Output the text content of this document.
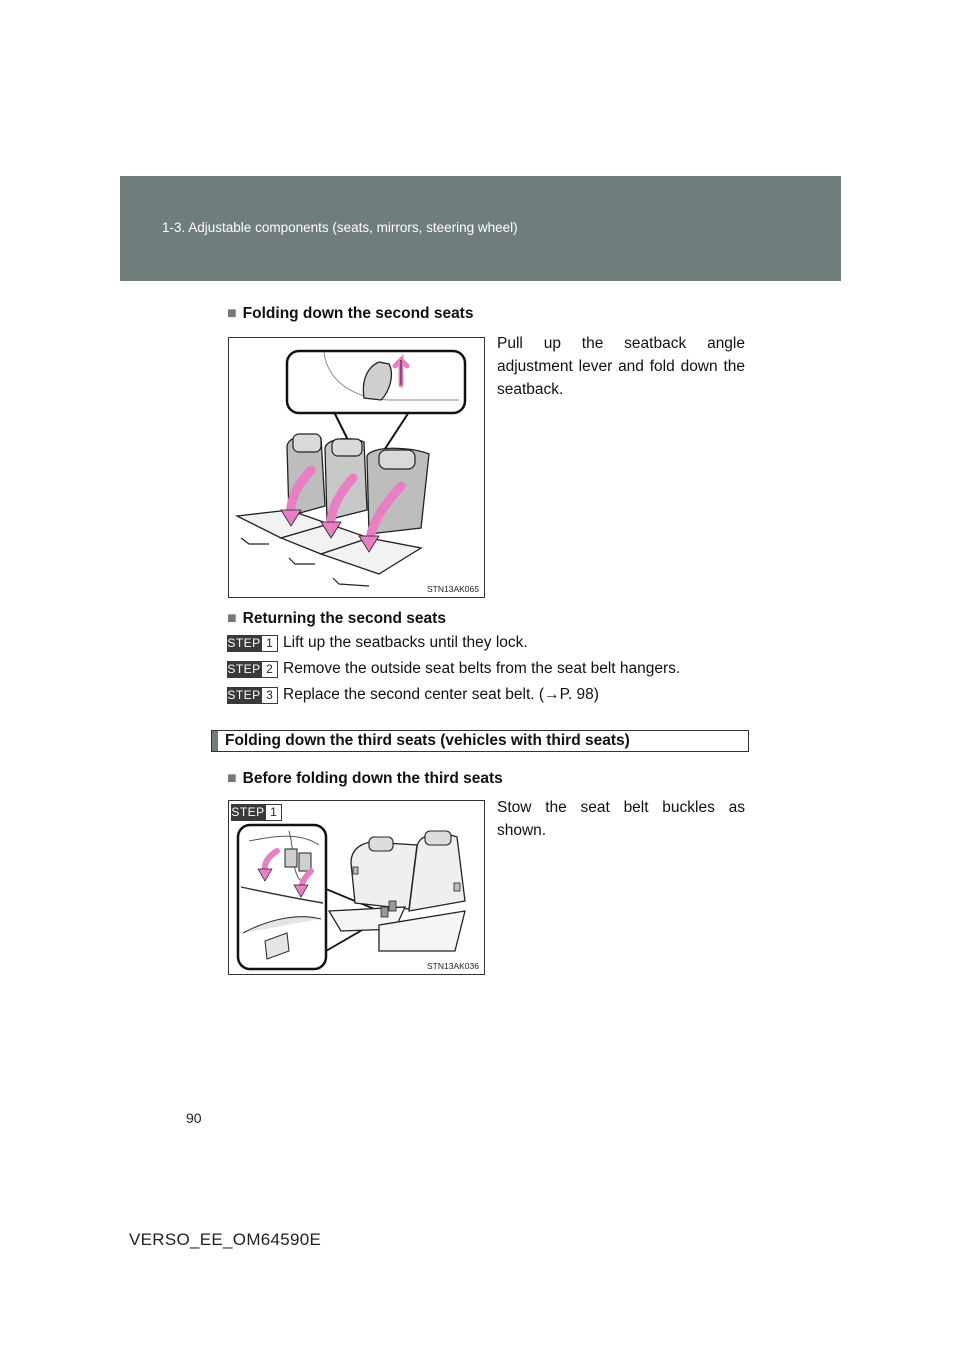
1-3. Adjustable components (seats, mirrors, steering wheel)
■ Folding down the second seats
STN13AK065
Pull up the seatback angle adjustment lever and fold down the seatback.
■ Returning the second seats
STEP 1 Lift up the seatbacks until they lock.
STEP 2 Remove the outside seat belts from the seat belt hangers.
STEP 3 Replace the second center seat belt. (→P. 98)
Folding down the third seats (vehicles with third seats)
■ Before folding down the third seats
STEP 1
STN13AK036
Stow the seat belt buckles as shown.
90
VERSO_EE_OM64590E
